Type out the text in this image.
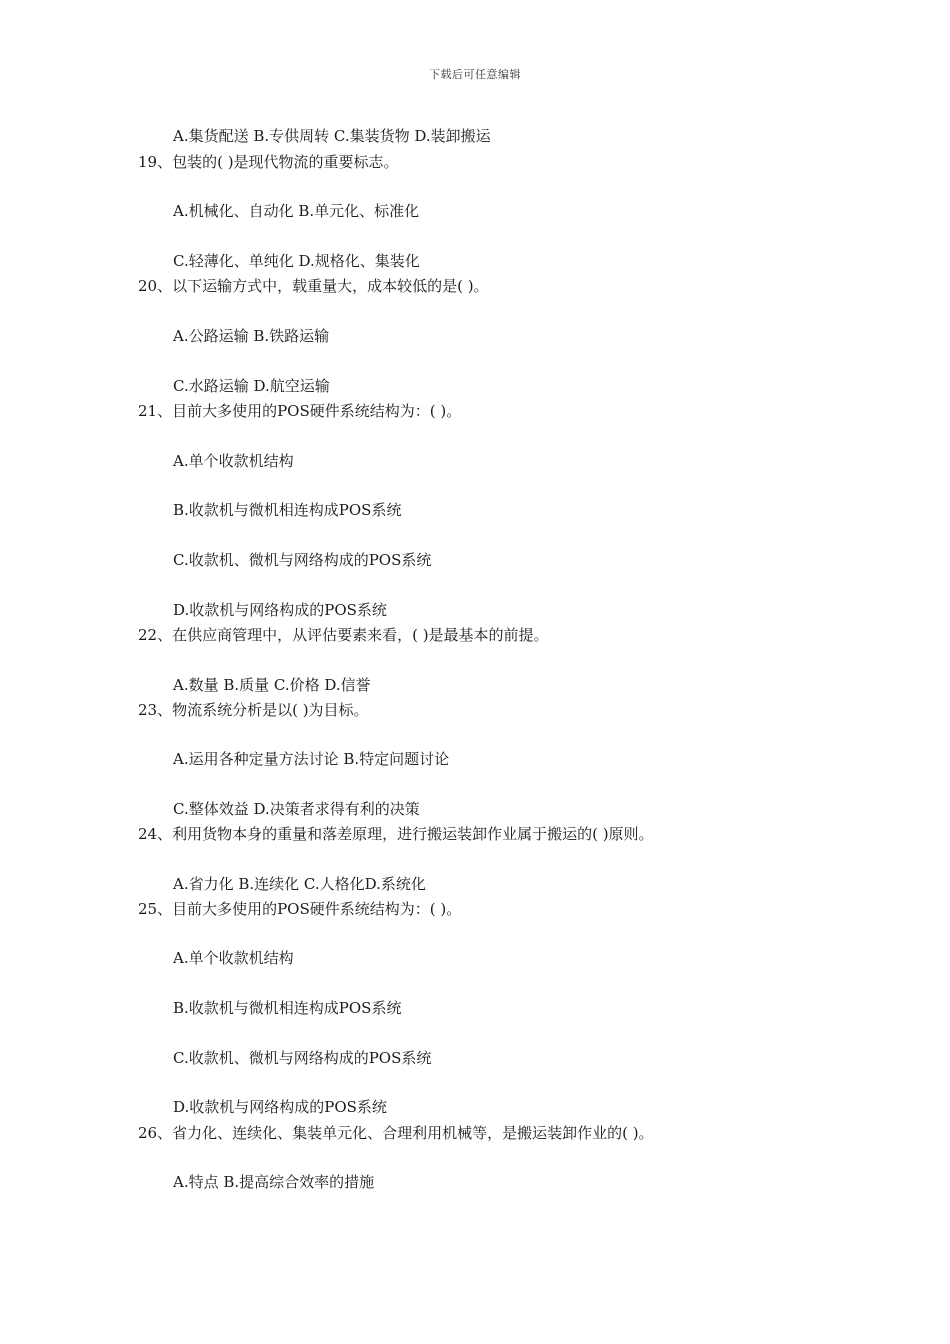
下载后可任意编辑
A.集货配送 B.专供周转 C.集装货物 D.装卸搬运
19、包装的( )是现代物流的重要标志。
A.机械化、自动化 B.单元化、标准化
C.轻薄化、单纯化 D.规格化、集装化
20、以下运输方式中，载重量大，成本较低的是( )。
A.公路运输 B.铁路运输
C.水路运输 D.航空运输
21、目前大多使用的POS硬件系统结构为：( )。
A.单个收款机结构
B.收款机与微机相连构成POS系统
C.收款机、微机与网络构成的POS系统
D.收款机与网络构成的POS系统
22、在供应商管理中，从评估要素来看，( )是最基本的前提。
A.数量 B.质量 C.价格 D.信誉
23、物流系统分析是以( )为目标。
A.运用各种定量方法讨论 B.特定问题讨论
C.整体效益 D.决策者求得有利的决策
24、利用货物本身的重量和落差原理，进行搬运装卸作业属于搬运的( )原则。
A.省力化 B.连续化 C.人格化D.系统化
25、目前大多使用的POS硬件系统结构为：( )。
A.单个收款机结构
B.收款机与微机相连构成POS系统
C.收款机、微机与网络构成的POS系统
D.收款机与网络构成的POS系统
26、省力化、连续化、集装单元化、合理利用机械等，是搬运装卸作业的( )。
A.特点 B.提高综合效率的措施
